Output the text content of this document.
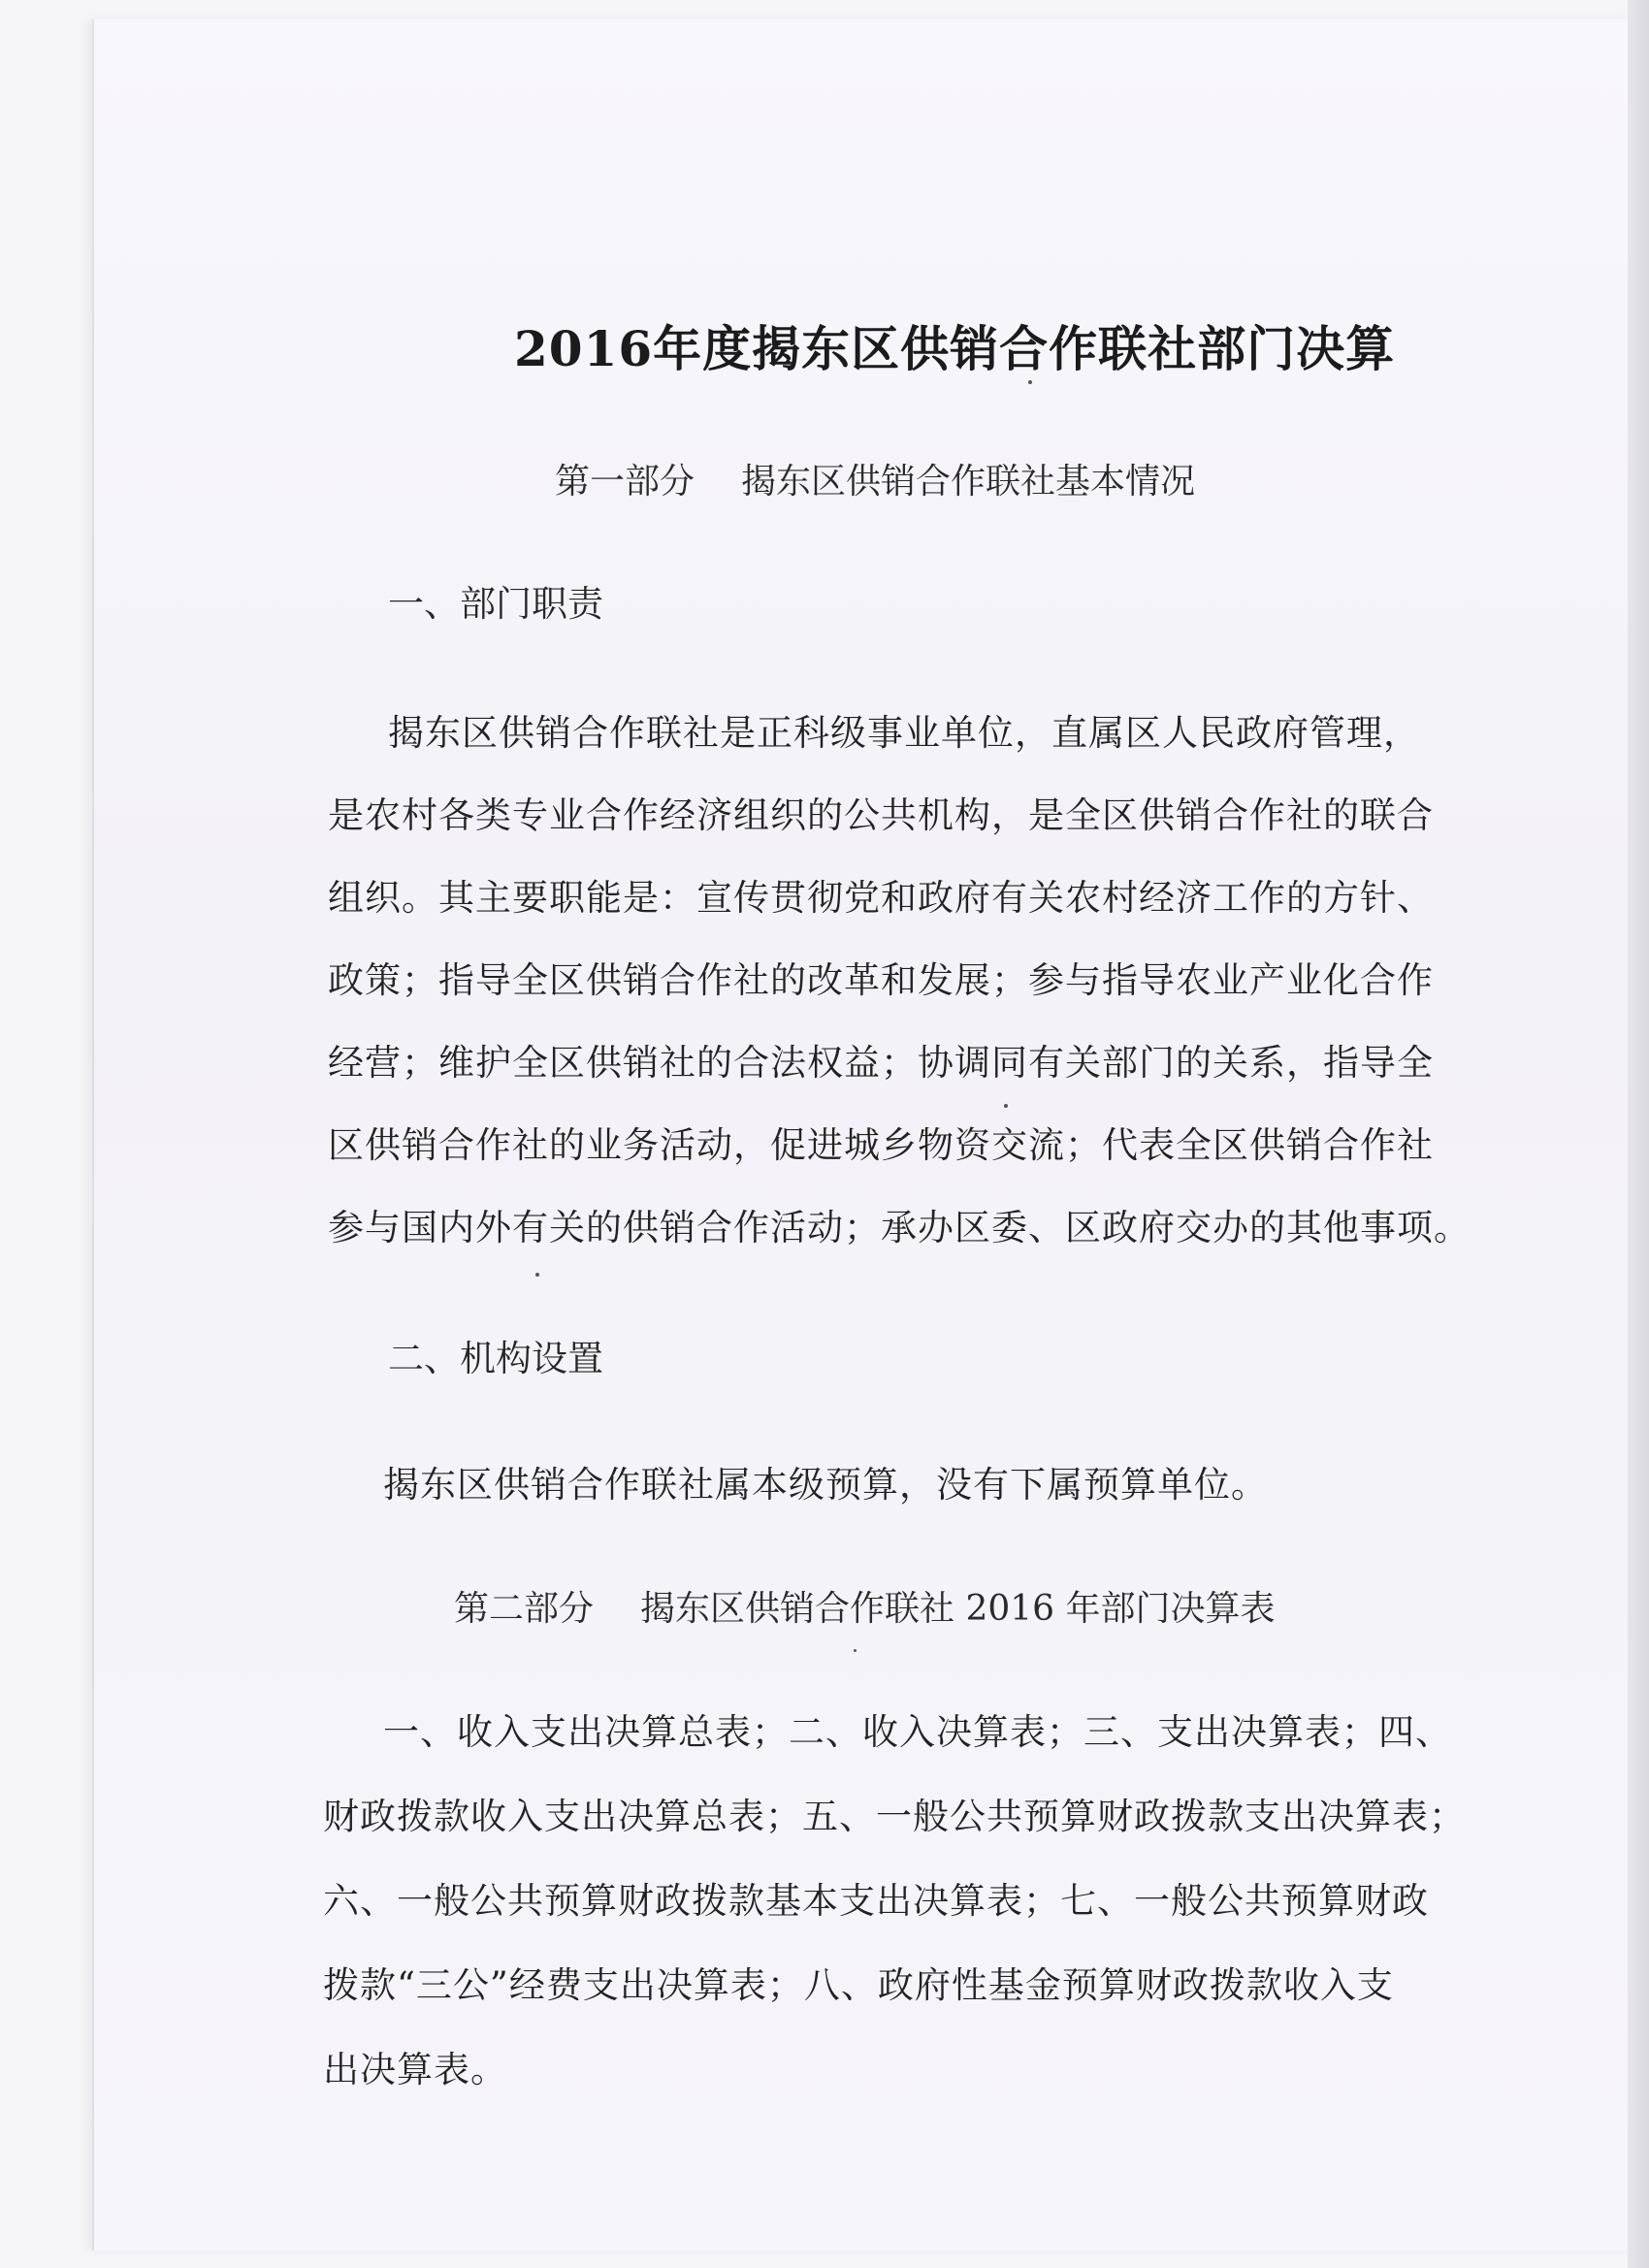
2016年度揭东区供销合作联社部门决算
第一部分 揭东区供销合作联社基本情况
一、部门职责
揭东区供销合作联社是正科级事业单位，直属区人民政府管理，
是农村各类专业合作经济组织的公共机构，是全区供销合作社的联合
组织。其主要职能是：宣传贯彻党和政府有关农村经济工作的方针、
政策；指导全区供销合作社的改革和发展；参与指导农业产业化合作
经营；维护全区供销社的合法权益；协调同有关部门的关系，指导全
区供销合作社的业务活动，促进城乡物资交流；代表全区供销合作社
参与国内外有关的供销合作活动；承办区委、区政府交办的其他事项。
二、机构设置
揭东区供销合作联社属本级预算，没有下属预算单位。
第二部分 揭东区供销合作联社 2016 年部门决算表
一、收入支出决算总表；二、收入决算表；三、支出决算表；四、
财政拨款收入支出决算总表；五、一般公共预算财政拨款支出决算表；
六、一般公共预算财政拨款基本支出决算表；七、一般公共预算财政
拨款“三公”经费支出决算表；八、政府性基金预算财政拨款收入支
出决算表。
